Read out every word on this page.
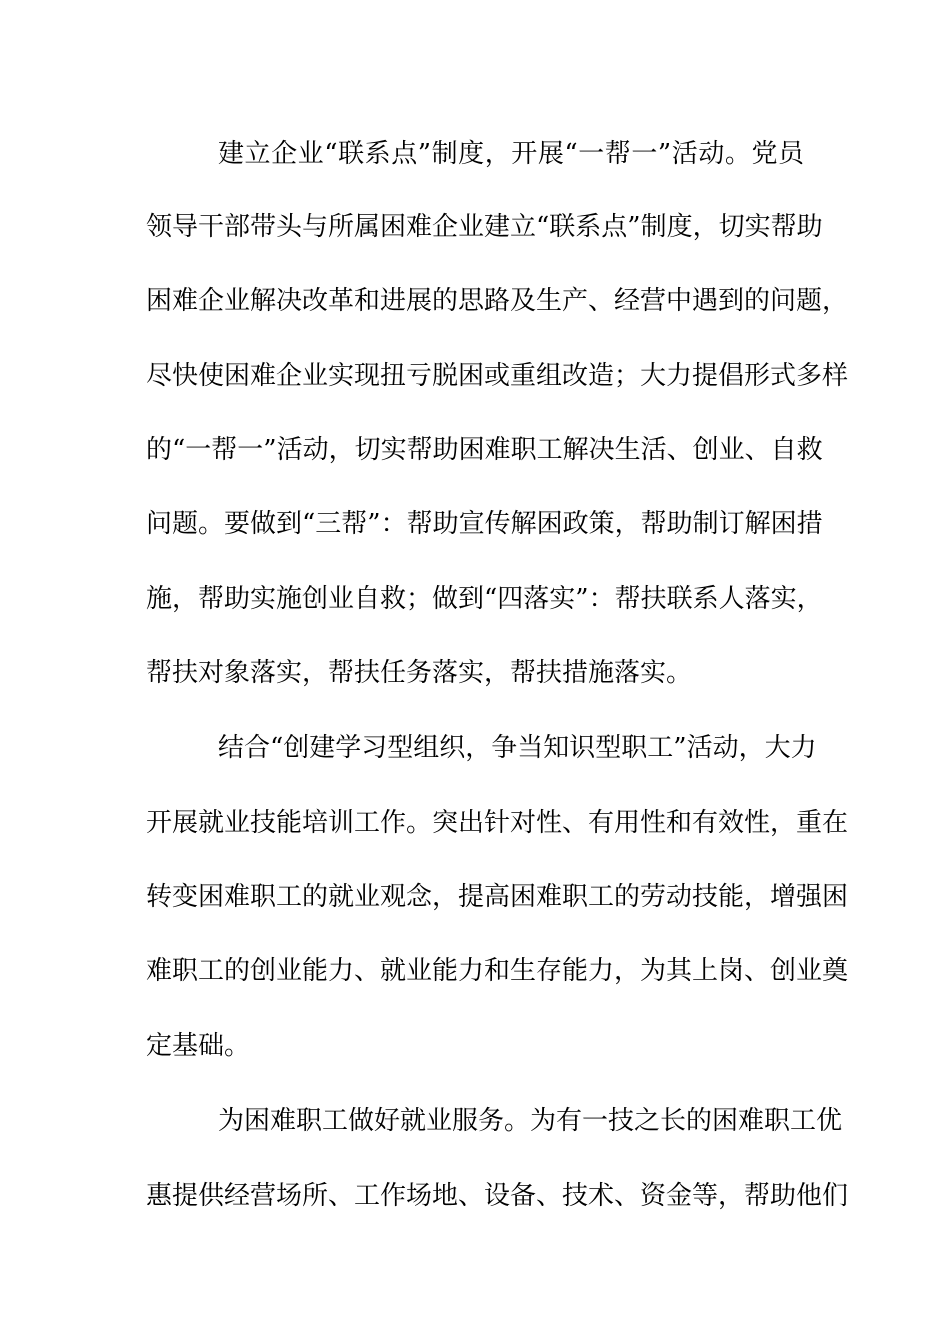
建立企业“联系点”制度，开展“一帮一”活动。党员
领导干部带头与所属困难企业建立“联系点”制度，切实帮助
困难企业解决改革和进展的思路及生产、经营中遇到的问题，
尽快使困难企业实现扭亏脱困或重组改造；大力提倡形式多样
的“一帮一”活动，切实帮助困难职工解决生活、创业、自救
问题。要做到“三帮”：帮助宣传解困政策，帮助制订解困措
施，帮助实施创业自救；做到“四落实”：帮扶联系人落实，
帮扶对象落实，帮扶任务落实，帮扶措施落实。
结合“创建学习型组织，争当知识型职工”活动，大力
开展就业技能培训工作。突出针对性、有用性和有效性，重在
转变困难职工的就业观念，提高困难职工的劳动技能，增强困
难职工的创业能力、就业能力和生存能力，为其上岗、创业奠
定基础。
为困难职工做好就业服务。为有一技之长的困难职工优
惠提供经营场所、工作场地、设备、技术、资金等，帮助他们
